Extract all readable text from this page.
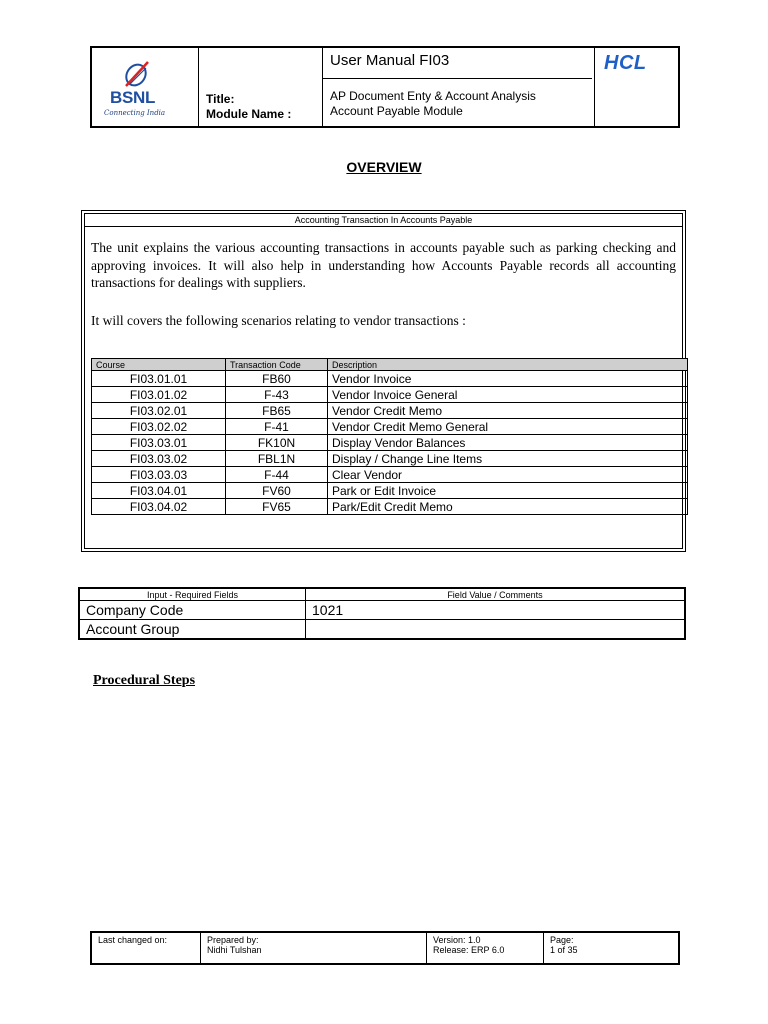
BSNL
Connecting India
Title:
Module Name :
User Manual FI03
AP Document Enty & Account Analysis
Account Payable Module
HCL
OVERVIEW
Accounting Transaction In Accounts Payable
The unit explains the various accounting transactions in accounts payable such as parking checking and approving invoices. It will also help in understanding how Accounts Payable records all accounting transactions for dealings with suppliers.
It will covers the following scenarios relating to vendor transactions :
Course	Transaction Code	Description
FI03.01.01	FB60	Vendor Invoice
FI03.01.02	F-43	Vendor Invoice General
FI03.02.01	FB65	Vendor Credit Memo
FI03.02.02	F-41	Vendor Credit Memo General
FI03.03.01	FK10N	Display Vendor Balances
FI03.03.02	FBL1N	Display / Change Line Items
FI03.03.03	F-44	Clear Vendor
FI03.04.01	FV60	Park or Edit Invoice
FI03.04.02	FV65	Park/Edit Credit Memo
Input - Required Fields	Field Value / Comments
Company Code	1021
Account Group	
Procedural Steps
Last changed on:	Prepared by:
Nidhi Tulshan

Version: 1.0
Release: ERP 6.0

Page:
1 of 35
